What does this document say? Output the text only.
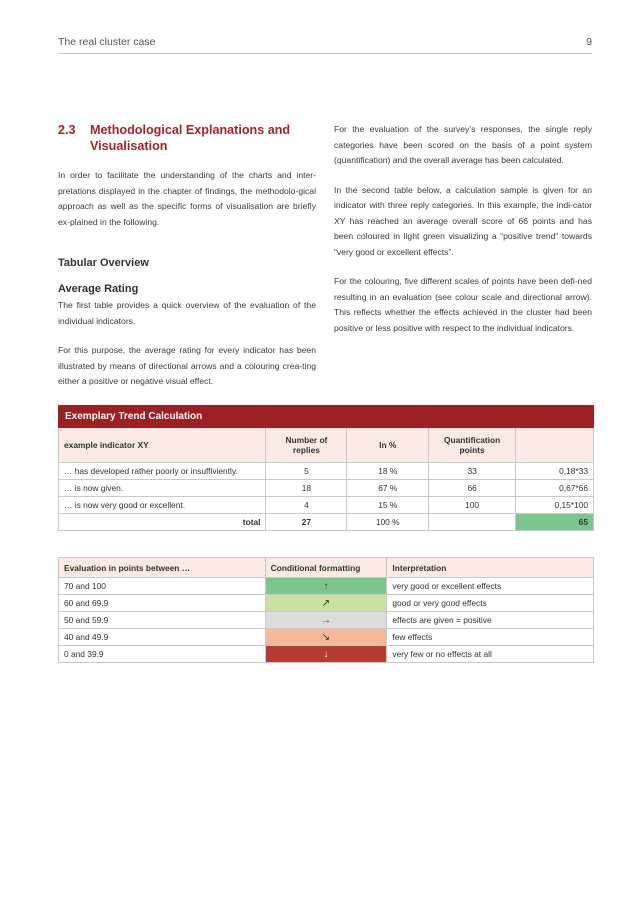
The real cluster case	9
2.3	Methodological Explanations and
Visualisation

In order to facilitate the understanding of the charts and inter-pretations displayed in the chapter of findings, the methodolo-gical approach as well as the specific forms of visualisation are briefly ex-plained in the following.

Tabular Overview
Average Rating

The first table provides a quick overview of the evaluation of the individual indicators.

For this purpose, the average rating for every indicator has been illustrated by means of directional arrows and a colouring crea-ting either a positive or negative visual effect.

For the evaluation of the survey’s responses, the single reply categories have been scored on the basis of a point system (quantification) and the overall average has been calculated.

In the second table below, a calculation sample is given for an indicator with three reply categories. In this example, the indi-cator XY has reached an average overall score of 66 points and has been coloured in light green visualizing a “positive trend” towards “very good or excellent effects”.

For the colouring, five different scales of points have been defi-ned resulting in an evaluation (see colour scale and directional arrow). This reflects whether the effects achieved in the cluster had been positive or less positive with respect to the individual indicators.

Exemplary Trend Calculation				
example indicator XY	Number of replies	In %	Quantification points	
… has developed rather poorly or insuffiviently.	5	18 %	33	0,18*33
… is now given.	18	67 %	66	0,67*66
… is now very good or excellent.	4	15 %	100	0,15*100
total	27	100 %		65
Evaluation in points between …	Conditional formatting	Interpretation
70 and 100	↑	very good or excellent effects
60 and 69.9	↗	good or very good effects
50 and 59.9	→	effects are given = positive
40 and 49.9	↘	few effects
0 and 39.9	↓	very few or no effects at all
